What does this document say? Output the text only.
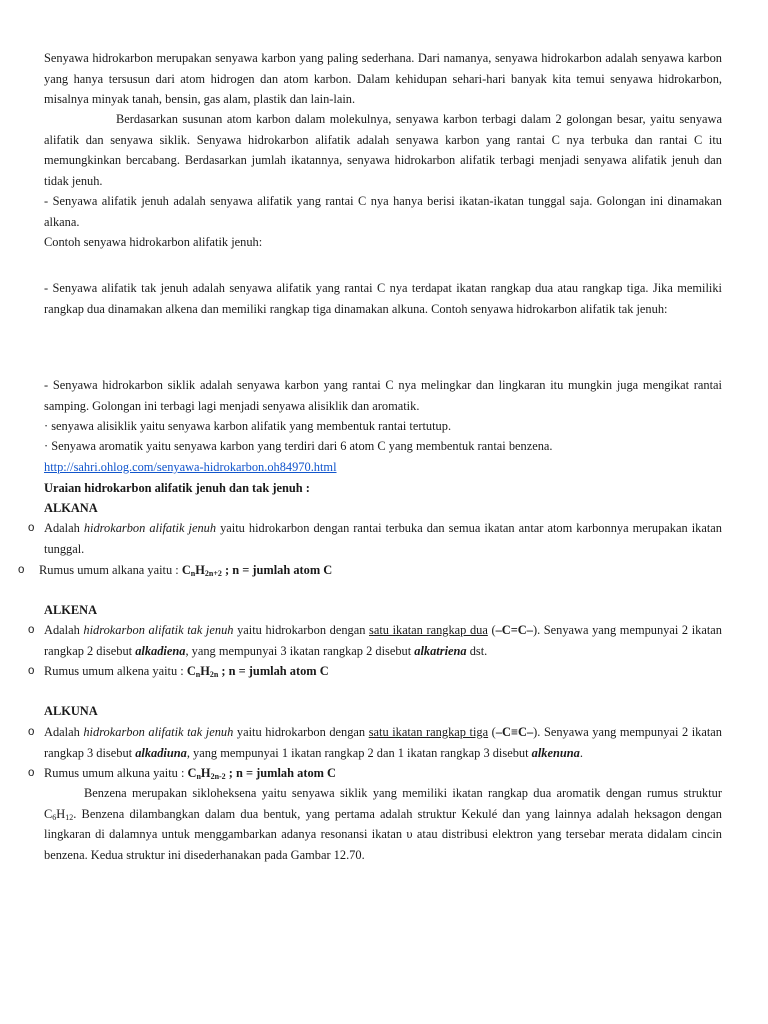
Senyawa hidrokarbon merupakan senyawa karbon yang paling sederhana. Dari namanya, senyawa hidrokarbon adalah senyawa karbon yang hanya tersusun dari atom hidrogen dan atom karbon. Dalam kehidupan sehari-hari banyak kita temui senyawa hidrokarbon, misalnya minyak tanah, bensin, gas alam, plastik dan lain-lain.

Berdasarkan susunan atom karbon dalam molekulnya, senyawa karbon terbagi dalam 2 golongan besar, yaitu senyawa alifatik dan senyawa siklik. Senyawa hidrokarbon alifatik adalah senyawa karbon yang rantai C nya terbuka dan rantai C itu memungkinkan bercabang. Berdasarkan jumlah ikatannya, senyawa hidrokarbon alifatik terbagi menjadi senyawa alifatik jenuh dan tidak jenuh.

- Senyawa alifatik jenuh adalah senyawa alifatik yang rantai C nya hanya berisi ikatan-ikatan tunggal saja. Golongan ini dinamakan alkana.

Contoh senyawa hidrokarbon alifatik jenuh:

- Senyawa alifatik tak jenuh adalah senyawa alifatik yang rantai C nya terdapat ikatan rangkap dua atau rangkap tiga. Jika memiliki rangkap dua dinamakan alkena dan memiliki rangkap tiga dinamakan alkuna. Contoh senyawa hidrokarbon alifatik tak jenuh:

- Senyawa hidrokarbon siklik adalah senyawa karbon yang rantai C nya melingkar dan lingkaran itu mungkin juga mengikat rantai samping. Golongan ini terbagi lagi menjadi senyawa alisiklik dan aromatik.

· senyawa alisiklik yaitu senyawa karbon alifatik yang membentuk rantai tertutup.

· Senyawa aromatik yaitu senyawa karbon yang terdiri dari 6 atom C yang membentuk rantai benzena.

http://sahri.ohlog.com/senyawa-hidrokarbon.oh84970.html

Uraian hidrokarbon alifatik jenuh dan tak jenuh :

ALKANA
o Adalah hidrokarbon alifatik jenuh yaitu hidrokarbon dengan rantai terbuka dan semua ikatan antar atom karbonnya merupakan ikatan tunggal.
o Rumus umum alkana yaitu : $C_nH_{2n+2}$ ; n = jumlah atom C
ALKENA
o Adalah hidrokarbon alifatik tak jenuh yaitu hidrokarbon dengan satu ikatan rangkap dua (–C=C–). Senyawa yang mempunyai 2 ikatan rangkap 2 disebut alkadiena, yang mempunyai 3 ikatan rangkap 2 disebut alkatriena dst.
o Rumus umum alkena yaitu : $C_nH_{2n}$ ; n = jumlah atom C
ALKUNA
o Adalah hidrokarbon alifatik tak jenuh yaitu hidrokarbon dengan satu ikatan rangkap tiga (–C≡C–). Senyawa yang mempunyai 2 ikatan rangkap 3 disebut alkadiuna, yang mempunyai 1 ikatan rangkap 2 dan 1 ikatan rangkap 3 disebut alkenuna.
o Rumus umum alkuna yaitu : $C_nH_{2n-2}$ ; n = jumlah atom C

Benzena merupakan sikloheksena yaitu senyawa siklik yang memiliki ikatan rangkap dua aromatik dengan rumus struktur $C_6H_{12}$. Benzena dilambangkan dalam dua bentuk, yang pertama adalah struktur Kekulé dan yang lainnya adalah heksagon dengan lingkaran di dalamnya untuk menggambarkan adanya resonansi ikatan υ atau distribusi elektron yang tersebar merata didalam cincin benzena. Kedua struktur ini disederhanakan pada Gambar 12.70.
